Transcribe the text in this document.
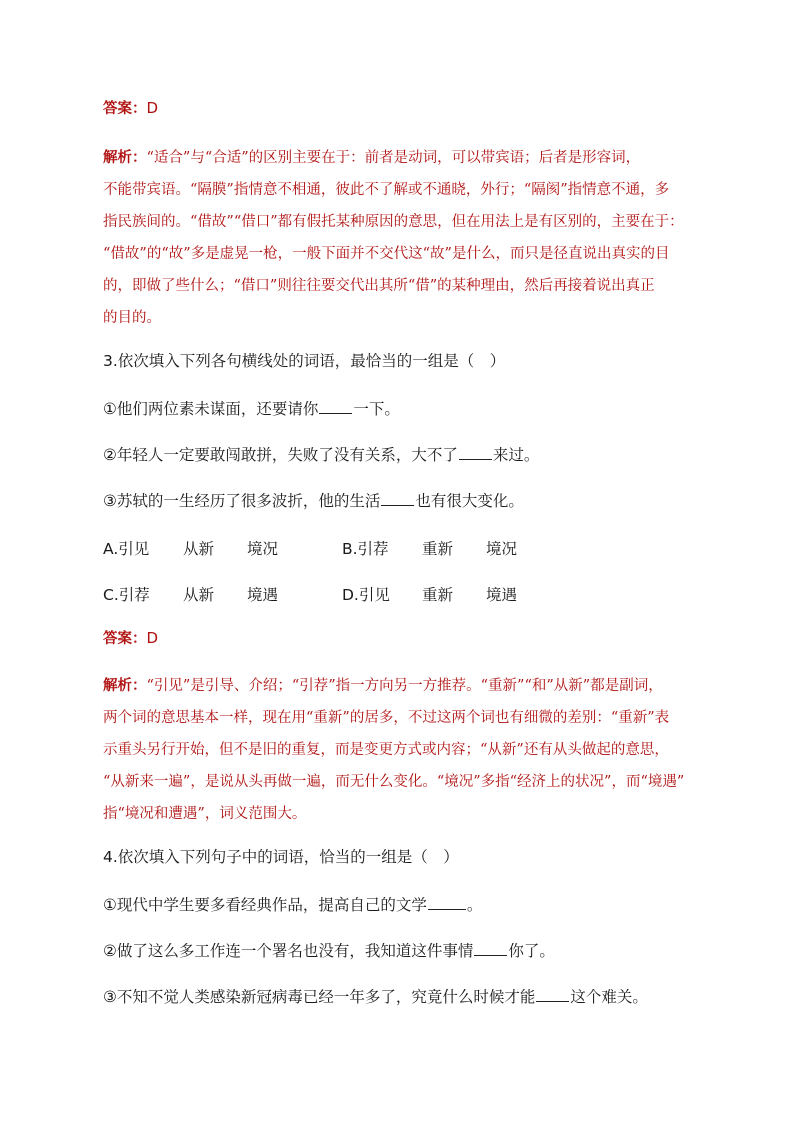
答案：D
解析：“适合”与“合适”的区别主要在于：前者是动词，可以带宾语；后者是形容词，
不能带宾语。“隔膜”指情意不相通，彼此不了解或不通晓，外行；“隔阂”指情意不通，多
指民族间的。“借故”“借口”都有假托某种原因的意思，但在用法上是有区别的，主要在于：
“借故”的“故”多是虚晃一枪，一般下面并不交代这“故”是什么，而只是径直说出真实的目
的，即做了些什么；“借口”则往往要交代出其所“借”的某种理由，然后再接着说出真正
的目的。
3.依次填入下列各句横线处的词语，最恰当的一组是（　）
①他们两位素未谋面，还要请你 一下。
②年轻人一定要敢闯敢拼，失败了没有关系，大不了 来过。
③苏轼的一生经历了很多波折，他的生活 也有很大变化。
A.引见 从新 境况	B.引荐 重新 境况
C.引荐 从新 境遇	D.引见 重新 境遇
答案：D
解析：“引见”是引导、介绍；“引荐”指一方向另一方推荐。“重新”“和”从新”都是副词，
两个词的意思基本一样，现在用“重新”的居多，不过这两个词也有细微的差别：“重新”表
示重头另行开始，但不是旧的重复，而是变更方式或内容；“从新”还有从头做起的意思，
“从新来一遍”，是说从头再做一遍，而无什么变化。“境况”多指“经济上的状况”，而“境遇”
指“境况和遭遇”，词义范围大。
4.依次填入下列句子中的词语，恰当的一组是（　）
①现代中学生要多看经典作品，提高自己的文学	。
②做了这么多工作连一个署名也没有，我知道这件事情 你了。
③不知不觉人类感染新冠病毒已经一年多了，究竟什么时候才能 这个难关。
